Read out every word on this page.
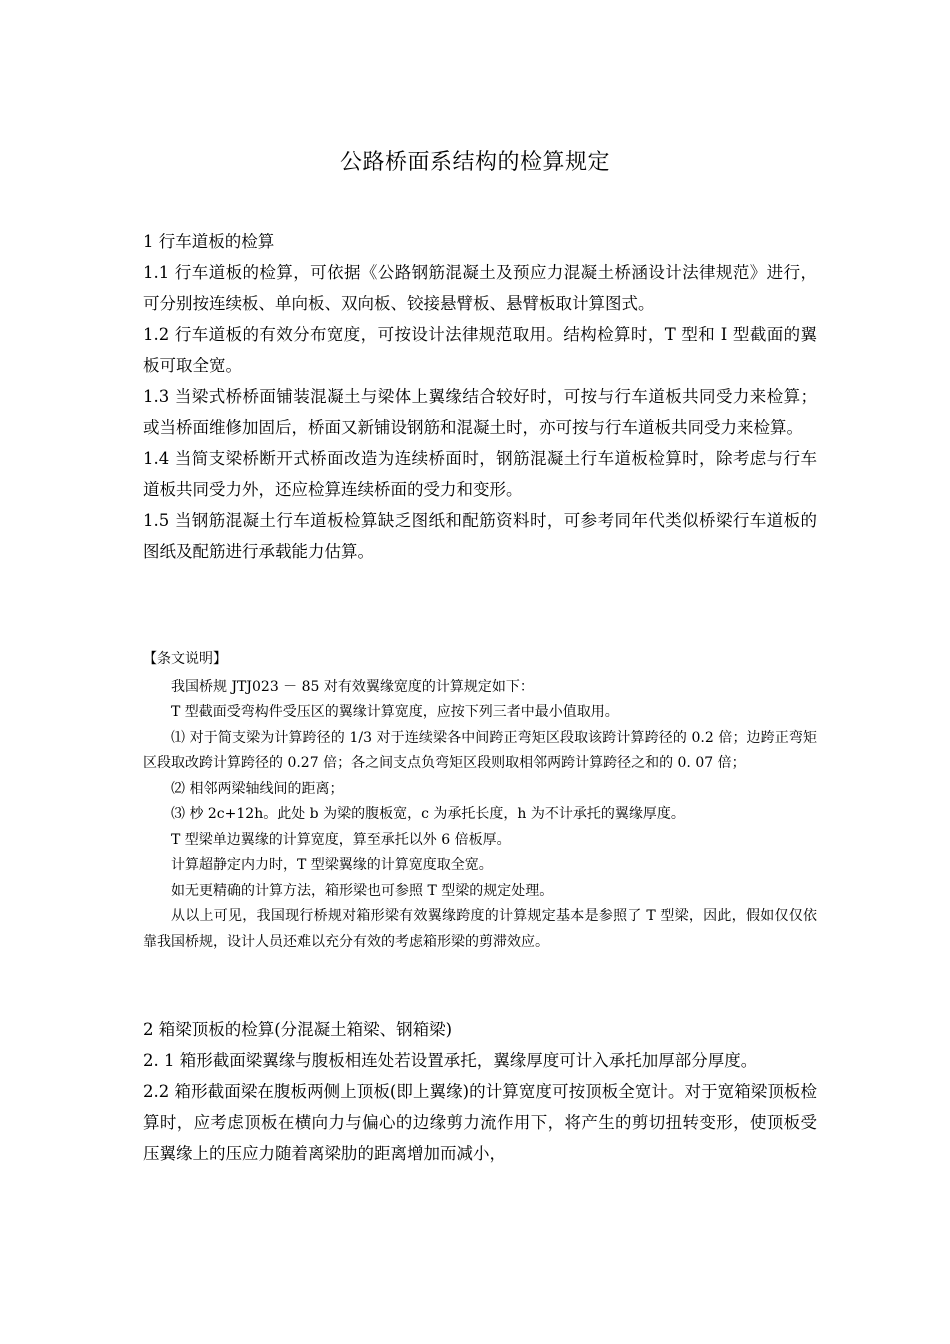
公路桥面系结构的检算规定

1 行车道板的检算

1.1 行车道板的检算，可依据《公路钢筋混凝土及预应力混凝土桥涵设计法律规范》进行，可分别按连续板、单向板、双向板、铰接悬臂板、悬臂板取计算图式。

1.2 行车道板的有效分布宽度，可按设计法律规范取用。结构检算时，T 型和 I 型截面的翼板可取全宽。

1.3 当梁式桥桥面铺装混凝土与梁体上翼缘结合较好时，可按与行车道板共同受力来检算；或当桥面维修加固后，桥面又新铺设钢筋和混凝土时，亦可按与行车道板共同受力来检算。

1.4 当简支梁桥断开式桥面改造为连续桥面时，钢筋混凝土行车道板检算时，除考虑与行车道板共同受力外，还应检算连续桥面的受力和变形。

1.5 当钢筋混凝土行车道板检算缺乏图纸和配筋资料时，可参考同年代类似桥梁行车道板的图纸及配筋进行承载能力估算。

【条文说明】

我国桥规 JTJ023 － 85 对有效翼缘宽度的计算规定如下：

T 型截面受弯构件受压区的翼缘计算宽度，应按下列三者中最小值取用。

⑴ 对于简支梁为计算跨径的 1/3 对于连续梁各中间跨正弯矩区段取该跨计算跨径的 0.2 倍；边跨正弯矩区段取改跨计算跨径的 0.27 倍；各之间支点负弯矩区段则取相邻两跨计算跨径之和的 0. 07 倍；

⑵ 相邻两梁轴线间的距离；

⑶ 杪 2c+12h。此处 b 为梁的腹板宽，c 为承托长度，h 为不计承托的翼缘厚度。

T 型梁单边翼缘的计算宽度，算至承托以外 6 倍板厚。

计算超静定内力时，T 型梁翼缘的计算宽度取全宽。

如无更精确的计算方法，箱形梁也可参照 T 型梁的规定处理。

从以上可见，我国现行桥规对箱形梁有效翼缘跨度的计算规定基本是参照了 T 型梁，因此，假如仅仅依靠我国桥规，设计人员还难以充分有效的考虑箱形梁的剪滞效应。

2 箱梁顶板的检算(分混凝土箱梁、钢箱梁)

2. 1 箱形截面梁翼缘与腹板相连处若设置承托，翼缘厚度可计入承托加厚部分厚度。

2.2 箱形截面梁在腹板两侧上顶板(即上翼缘)的计算宽度可按顶板全宽计。对于宽箱梁顶板检算时，应考虑顶板在横向力与偏心的边缘剪力流作用下，将产生的剪切扭转变形，使顶板受压翼缘上的压应力随着离梁肋的距离增加而减小，
